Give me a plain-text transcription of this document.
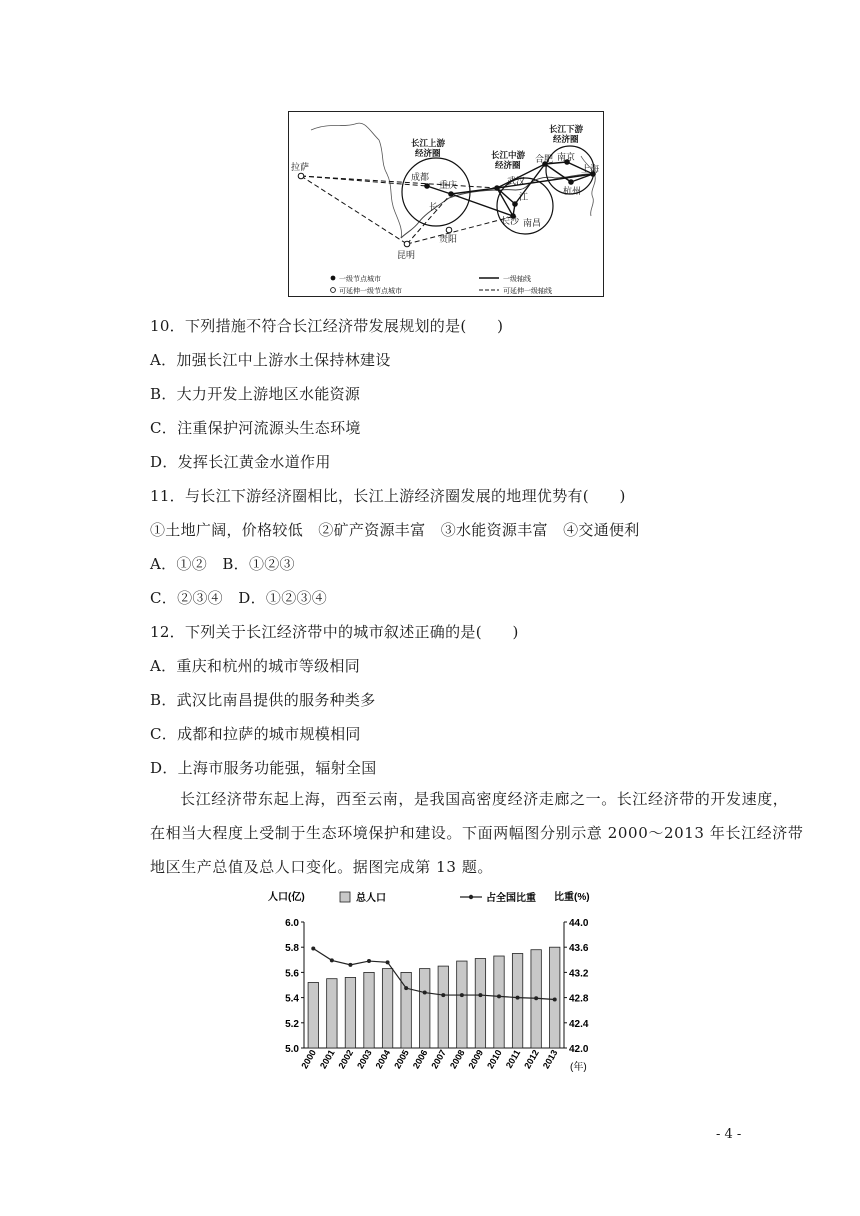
拉萨
成都
重庆
昆明
贵阳
武汉
长沙 南昌
合肥 南京
上海
杭州
长
江
长江上游
经济圈	长江中游
经济圈
长江下游
经济圈
一级节点城市
可延伸一级节点城市
一级轴线
可延伸一级轴线
10．下列措施不符合长江经济带发展规划的是(　　)
A．加强长江中上游水土保持林建设
B．大力开发上游地区水能资源
C．注重保护河流源头生态环境
D．发挥长江黄金水道作用
11．与长江下游经济圈相比，长江上游经济圈发展的地理优势有(　　)
①土地广阔，价格较低　②矿产资源丰富　③水能资源丰富　④交通便利
A．①②　B．①②③
C．②③④　D．①②③④
12．下列关于长江经济带中的城市叙述正确的是(　　)
A．重庆和杭州的城市等级相同
B．武汉比南昌提供的服务种类多
C．成都和拉萨的城市规模相同
D．上海市服务功能强，辐射全国
长江经济带东起上海，西至云南，是我国高密度经济走廊之一。长江经济带的开发速度，
在相当大程度上受制于生态环境保护和建设。下面两幅图分别示意 2000～2013 年长江经济带
地区生产总值及总人口变化。据图完成第 13 题。
人口(亿)	比重(%)
(年)
5.0
5.2
5.4
5.6
5.8
6.0
42.0
42.4
42.8
43.2
43.6
44.0
2000 2001 2002 2003 2004 2005 2006 2007 2008 2009 2010 2011 2012 2013
总人口	占全国比重
- 4 -
